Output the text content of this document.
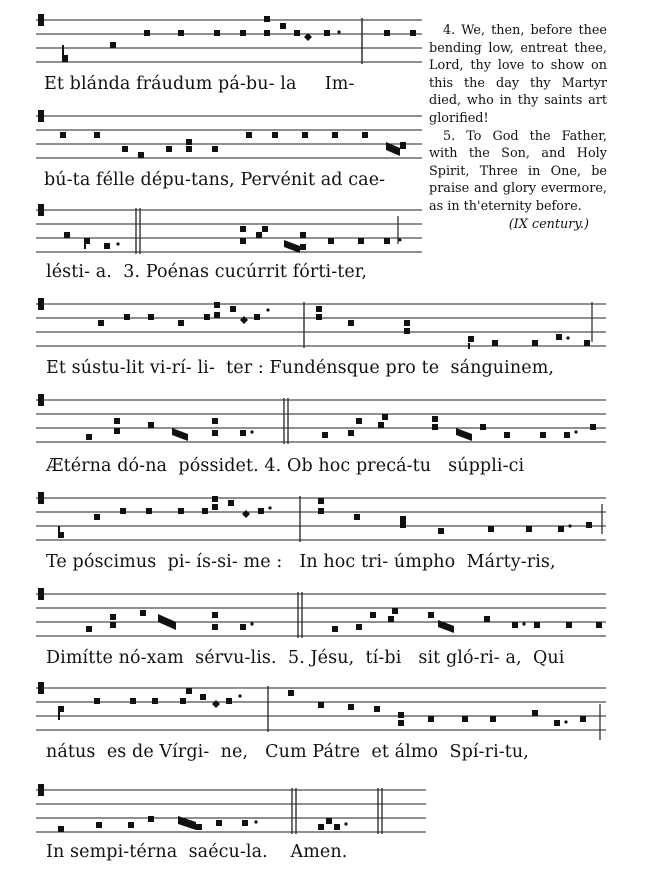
Et blánda fráudum pá-bu- la     Im-
bú-ta félle dépu-tans, Pervénit ad cae-
lésti- a.  3. Poénas cucúrrit fórti-ter,
Et sústu-lit vi-rí- li-  ter : Fundénsque pro te  sánguinem,
Ætérna dó-na  póssidet. 4. Ob hoc precá-tu   súppli-ci
Te póscimus  pi- ís-si- me :   In hoc tri- úmpho  Márty-ris,
Dimítte nó-xam  sérvu-lis.  5. Jésu,  tí-bi   sit gló-ri- a,  Qui
nátus  es de Vírgi-  ne,   Cum Pátre  et álmo  Spí-ri-tu,
In sempi-térna  saécu-la.    Amen.

4. We, then, before thee bending low, entreat thee, Lord, thy love to show on this the day thy Martyr died, who in thy saints art glorified!

5. To God the Father, with the Son, and Holy Spirit, Three in One, be praise and glory evermore, as in th'eternity before.

(IX century.)
